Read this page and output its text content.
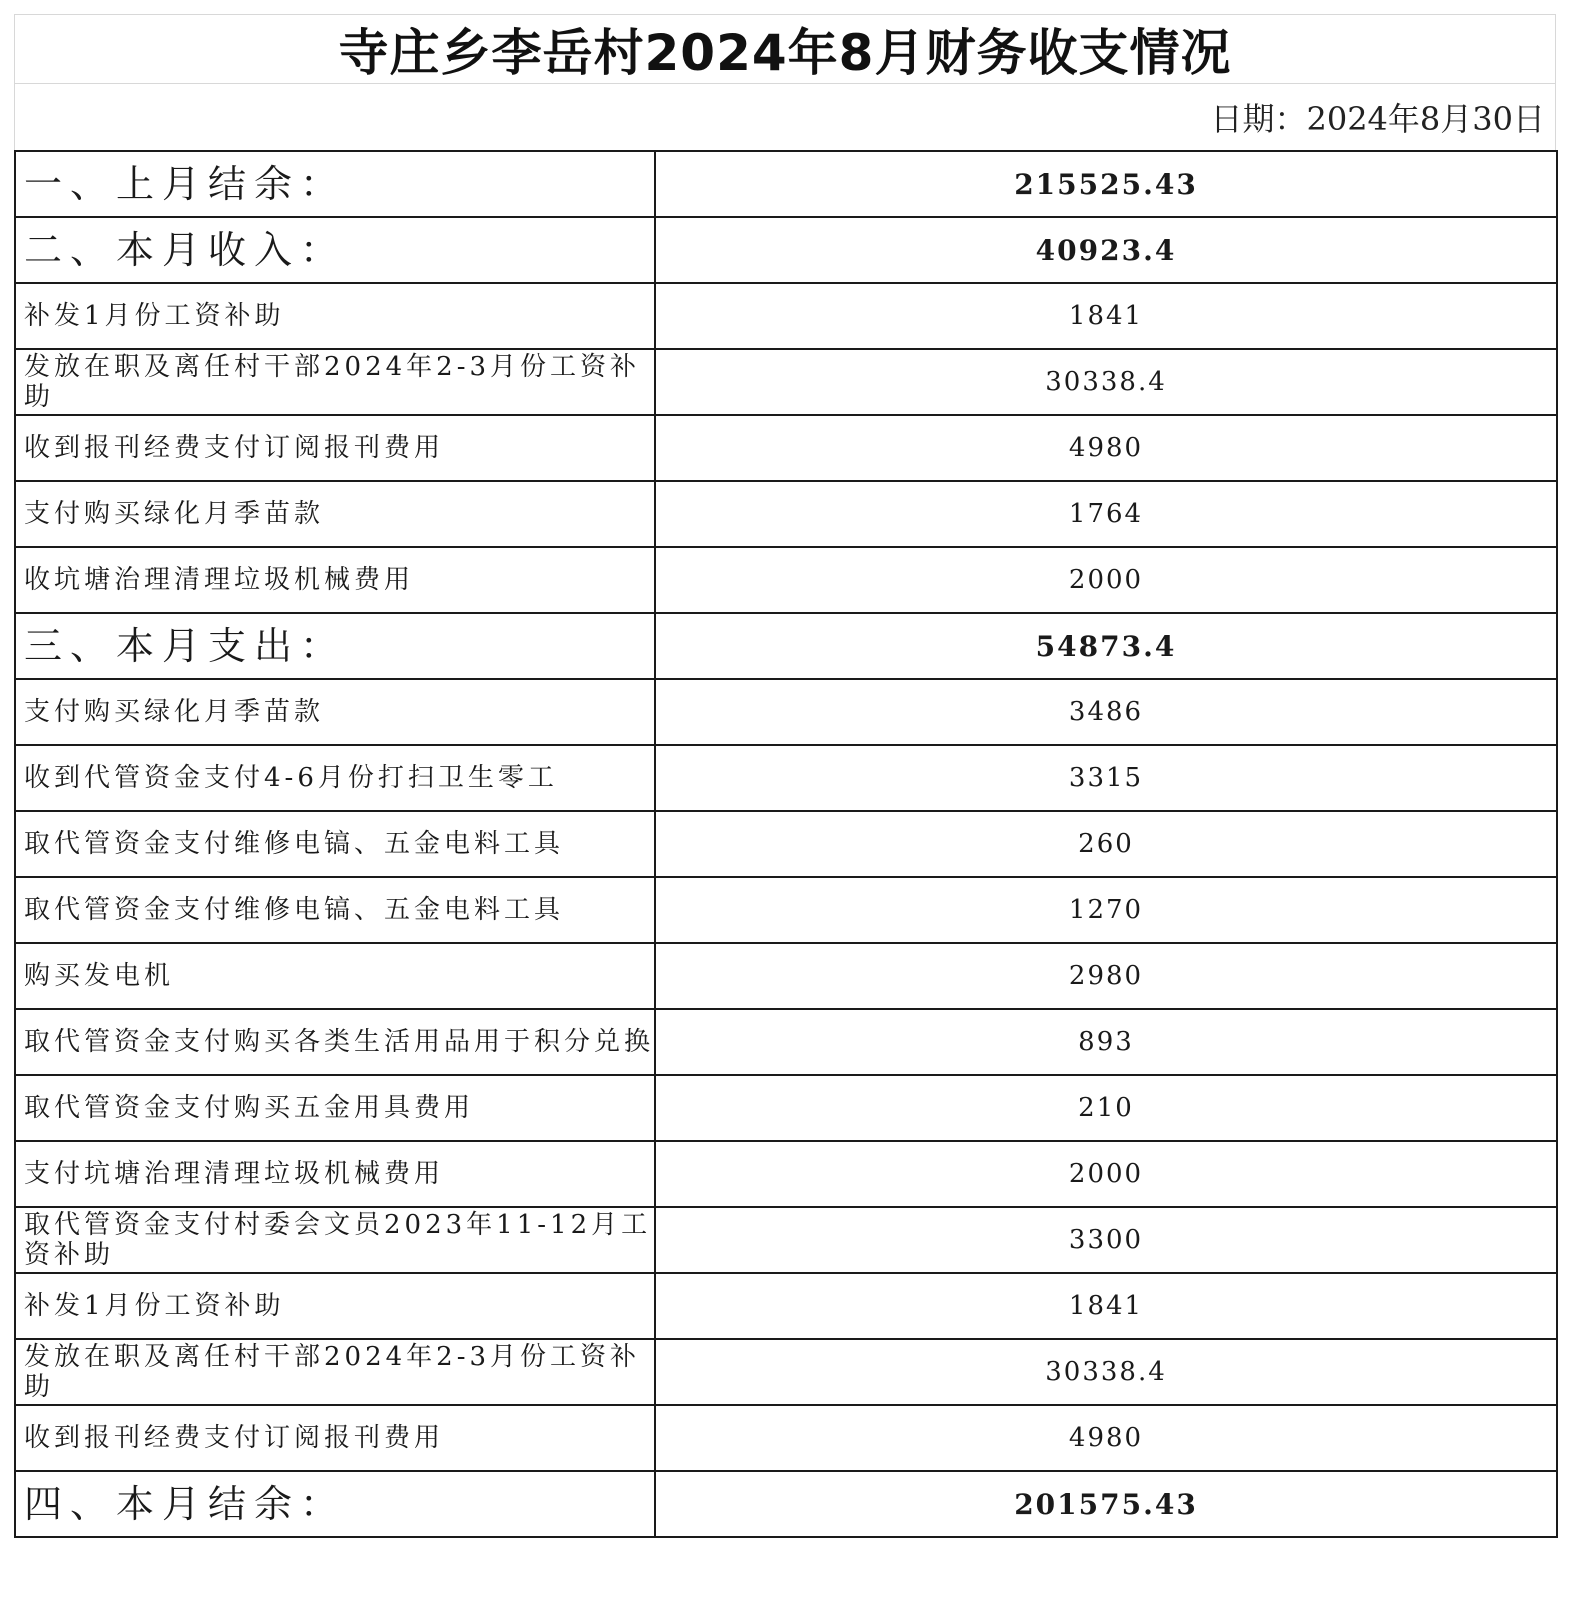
寺庄乡李岳村2024年8月财务收支情况
日期：2024年8月30日
一、上月结余：	215525.43
二、本月收入：	40923.4
补发1月份工资补助	1841
发放在职及离任村干部2024年2-3月份工资补助	30338.4
收到报刊经费支付订阅报刊费用	4980
支付购买绿化月季苗款	1764
收坑塘治理清理垃圾机械费用	2000
三、本月支出：	54873.4
支付购买绿化月季苗款	3486
收到代管资金支付4-6月份打扫卫生零工	3315
取代管资金支付维修电镐、五金电料工具	260
取代管资金支付维修电镐、五金电料工具	1270
购买发电机	2980
取代管资金支付购买各类生活用品用于积分兑换	893
取代管资金支付购买五金用具费用	210
支付坑塘治理清理垃圾机械费用	2000
取代管资金支付村委会文员2023年11-12月工资补助	3300
补发1月份工资补助	1841
发放在职及离任村干部2024年2-3月份工资补助	30338.4
收到报刊经费支付订阅报刊费用	4980
四、本月结余：	201575.43
